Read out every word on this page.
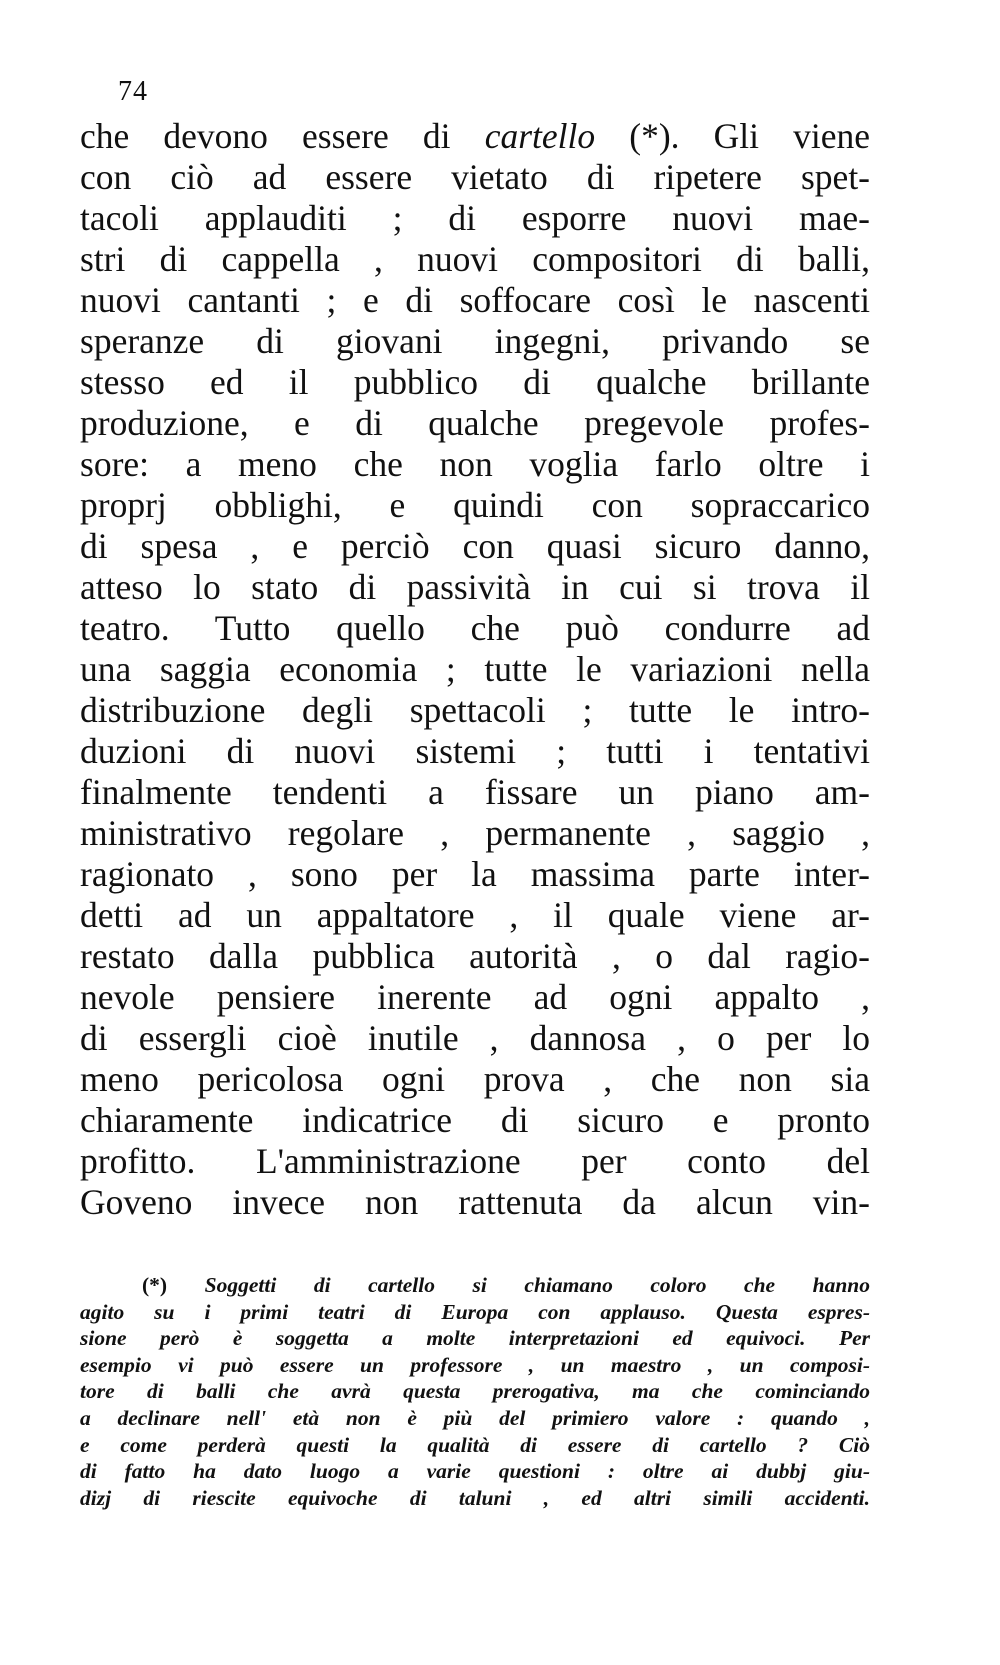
74
che devono essere di cartello (*). Gli viene
con ciò ad essere vietato di ripetere spet-
tacoli applauditi ; di esporre nuovi mae-
stri di cappella , nuovi compositori di balli,
nuovi cantanti ; e di soffocare così le nascenti
speranze di giovani ingegni, privando se
stesso ed il pubblico di qualche brillante
produzione, e di qualche pregevole profes-
sore: a meno che non voglia farlo oltre i
proprj obblighi, e quindi con sopraccarico
di spesa , e perciò con quasi sicuro danno,
atteso lo stato di passività in cui si trova il
teatro. Tutto quello che può condurre ad
una saggia economia ; tutte le variazioni nella
distribuzione degli spettacoli ; tutte le intro-
duzioni di nuovi sistemi ; tutti i tentativi
finalmente tendenti a fissare un piano am-
ministrativo regolare , permanente , saggio ,
ragionato , sono per la massima parte inter-
detti ad un appaltatore , il quale viene ar-
restato dalla pubblica autorità , o dal ragio-
nevole pensiere inerente ad ogni appalto ,
di essergli cioè inutile , dannosa , o per lo
meno pericolosa ogni prova , che non sia
chiaramente indicatrice di sicuro e pronto
profitto. L'amministrazione per conto del
Goveno invece non rattenuta da alcun vin-
(*) Soggetti di cartello si chiamano coloro che hanno
agito su i primi teatri di Europa con applauso. Questa espres-
sione però è soggetta a molte interpretazioni ed equivoci. Per
esempio vi può essere un professore , un maestro , un composi-
tore di balli che avrà questa prerogativa, ma che cominciando
a declinare nell' età non è più del primiero valore : quando ,
e come perderà questi la qualità di essere di cartello ? Ciò
di fatto ha dato luogo a varie questioni : oltre ai dubbj giu-
dizj di riescite equivoche di taluni , ed altri simili accidenti.
